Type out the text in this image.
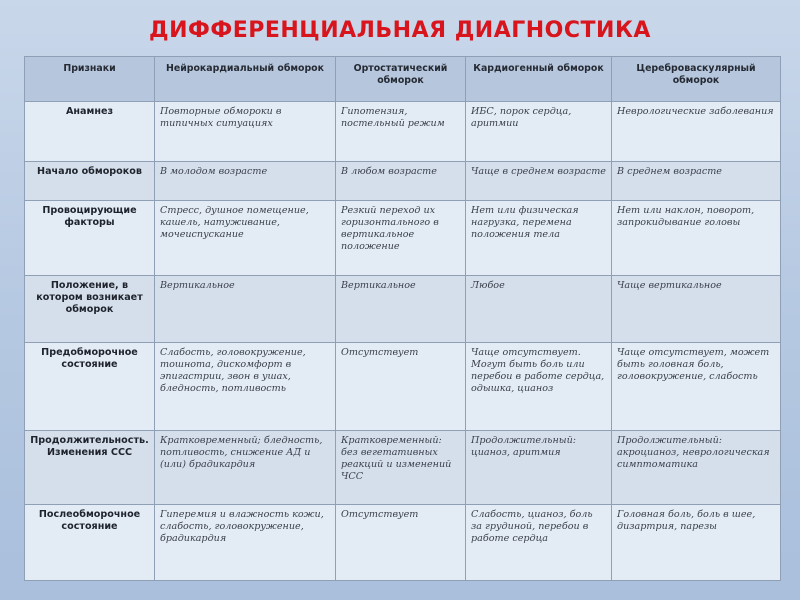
ДИФФЕРЕНЦИАЛЬНАЯ ДИАГНОСТИКА
Признаки	Нейрокардиальный обморок	Ортостатический обморок	Кардиогенный обморок	Цереброваскулярный обморок
Анамнез	Повторные обмороки в типичных ситуациях	Гипотензия, постельный режим	ИБС, порок сердца, аритмии	Неврологические заболевания
Начало обмороков	В молодом возрасте	В любом возрасте	Чаще в среднем возрасте	В среднем возрасте
Провоцирующие факторы	Стресс, душное помещение, кашель, натуживание, мочеиспускание	Резкий переход их горизонтального в вертикальное положение	Нет или физическая нагрузка, перемена положения тела	Нет или наклон, поворот, запрокидывание головы
Положение, в котором возникает обморок	Вертикальное	Вертикальное	Любое	Чаще вертикальное
Предобморочное состояние	Слабость, головокружение, тошнота, дискомфорт в эпигастрии, звон в ушах, бледность, потливость	Отсутствует	Чаще отсутствует. Могут быть боль или перебои в работе сердца, одышка, цианоз	Чаще отсутствует, может быть головная боль, головокружение, слабость
Продолжительность. Изменения ССС	Кратковременный; бледность, потливость, снижение АД и (или) брадикардия	Кратковременный: без вегетативных реакций и изменений ЧСС	Продолжительный: цианоз, аритмия	Продолжительный: акроцианоз, неврологическая симптоматика
Послеобморочное состояние	Гиперемия и влажность кожи, слабость, головокружение, брадикардия	Отсутствует	Слабость, цианоз, боль за грудиной, перебои в работе сердца	Головная боль, боль в шее, дизартрия, парезы
